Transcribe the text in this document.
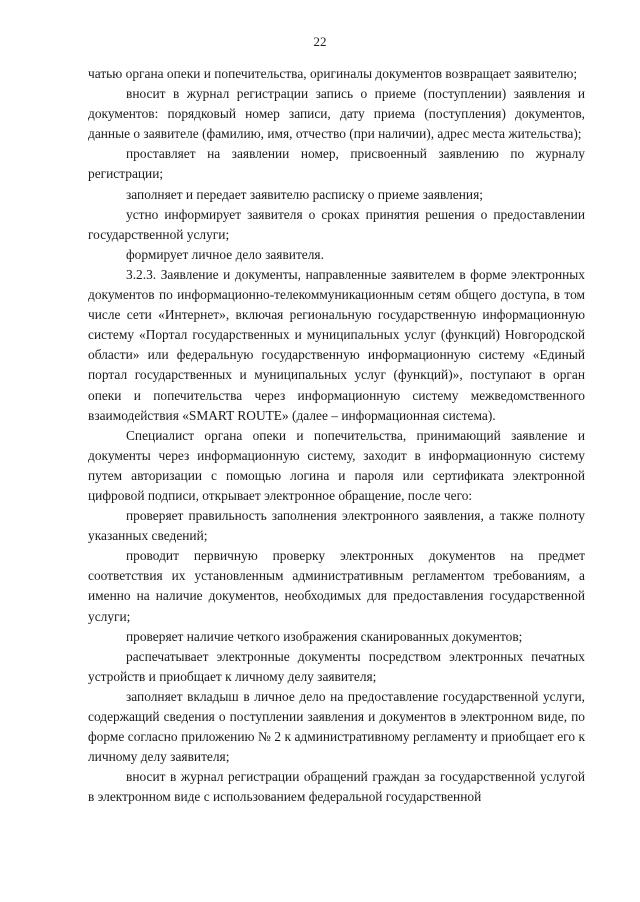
22

чатью органа опеки и попечительства, оригиналы документов возвращает заявителю;

вносит в журнал регистрации запись о приеме (поступлении) заявления и документов: порядковый номер записи, дату приема (поступления) документов, данные о заявителе (фамилию, имя, отчество (при наличии), адрес места жительства);

проставляет на заявлении номер, присвоенный заявлению по журналу регистрации;

заполняет и передает заявителю расписку о приеме заявления;

устно информирует заявителя о сроках принятия решения о предоставлении государственной услуги;

формирует личное дело заявителя.

3.2.3. Заявление и документы, направленные заявителем в форме электронных документов по информационно-телекоммуникационным сетям общего доступа, в том числе сети «Интернет», включая региональную государственную информационную систему «Портал государственных и муниципальных услуг (функций) Новгородской области» или федеральную государственную информационную систему «Единый портал государственных и муниципальных услуг (функций)», поступают в орган опеки и попечительства через информационную систему межведомственного взаимодействия «SMART ROUTE» (далее – информационная система).

Специалист органа опеки и попечительства, принимающий заявление и документы через информационную систему, заходит в информационную систему путем авторизации с помощью логина и пароля или сертификата электронной цифровой подписи, открывает электронное обращение, после чего:

проверяет правильность заполнения электронного заявления, а также полноту указанных сведений;

проводит первичную проверку электронных документов на предмет соответствия их установленным административным регламентом требованиям, а именно на наличие документов, необходимых для предоставления государственной услуги;

проверяет наличие четкого изображения сканированных документов;

распечатывает электронные документы посредством электронных печатных устройств и приобщает к личному делу заявителя;

заполняет вкладыш в личное дело на предоставление государственной услуги, содержащий сведения о поступлении заявления и документов в электронном виде, по форме согласно приложению № 2 к административному регламенту и приобщает его к личному делу заявителя;

вносит в журнал регистрации обращений граждан за государственной услугой в электронном виде с использованием федеральной государственной
